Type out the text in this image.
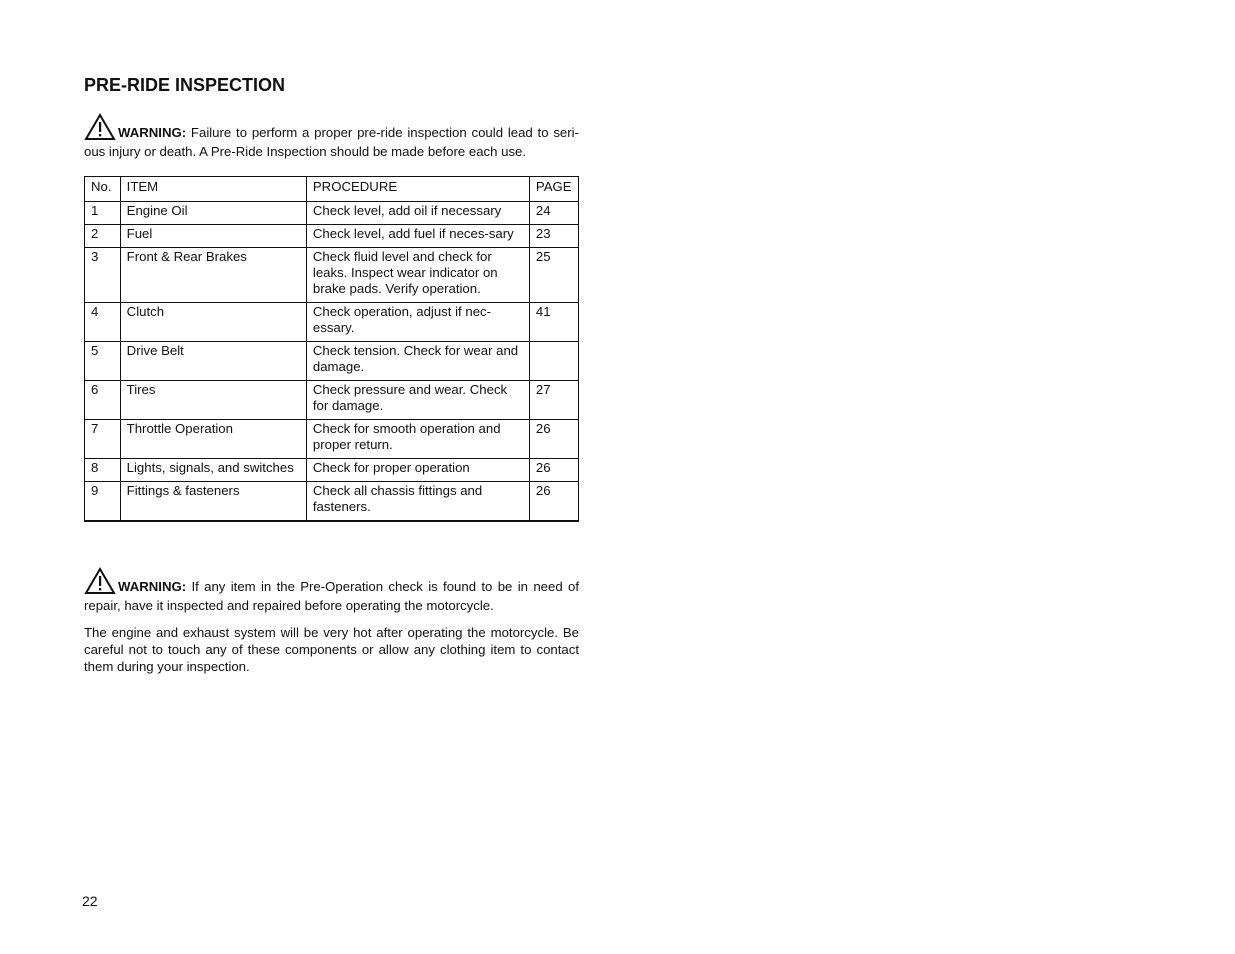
PRE-RIDE INSPECTION
WARNING: Failure to perform a proper pre-ride inspection could lead to seri-ous injury or death. A Pre-Ride Inspection should be made before each use.
No.	ITEM	PROCEDURE	PAGE
1	Engine Oil	Check level, add oil if necessary	24
2	Fuel	Check level, add fuel if neces-sary	23
3	Front & Rear Brakes	Check fluid level and check for leaks. Inspect wear indicator on brake pads. Verify operation.	25
4	Clutch	Check operation, adjust if nec-essary.	41
5	Drive Belt	Check tension. Check for wear and damage.	
6	Tires	Check pressure and wear. Check for damage.	27
7	Throttle Operation	Check for smooth operation and proper return.	26
8	Lights, signals, and switches	Check for proper operation	26
9	Fittings & fasteners	Check all chassis fittings and fasteners.	26
WARNING: If any item in the Pre-Operation check is found to be in need of repair, have it inspected and repaired before operating the motorcycle.

The engine and exhaust system will be very hot after operating the motorcycle. Be careful not to touch any of these components or allow any clothing item to contact them during your inspection.

22
